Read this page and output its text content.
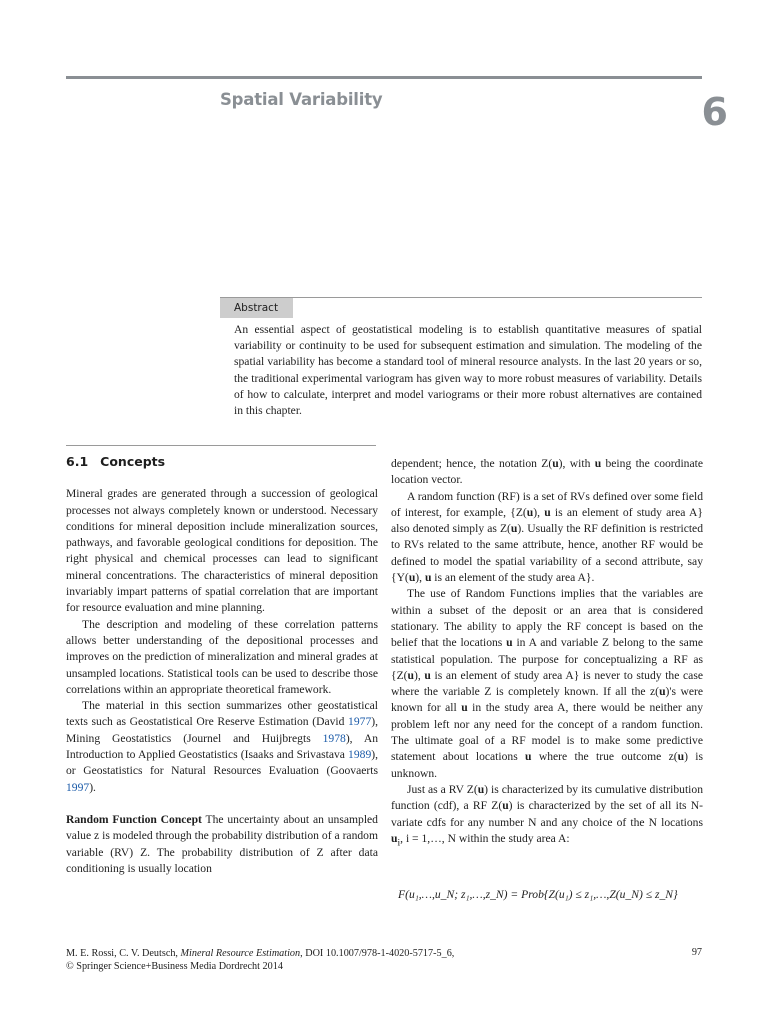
Spatial Variability	6
Abstract
An essential aspect of geostatistical modeling is to establish quantitative measures of spatial variability or continuity to be used for subsequent estimation and simulation. The modeling of the spatial variability has become a standard tool of mineral resource analysts. In the last 20 years or so, the traditional experimental variogram has given way to more robust measures of variability. Details of how to calculate, interpret and model variograms or their more robust alternatives are contained in this chapter.
6.1 Concepts

Mineral grades are generated through a succession of geological processes not always completely known or understood. Necessary conditions for mineral deposition include mineralization sources, pathways, and favorable geological conditions for deposition. The right physical and chemical processes can lead to significant mineral concentrations. The characteristics of mineral deposition invariably impart patterns of spatial correlation that are important for resource evaluation and mine planning.

The description and modeling of these correlation patterns allows better understanding of the depositional processes and improves on the prediction of mineralization and mineral grades at unsampled locations. Statistical tools can be used to describe those correlations within an appropriate theoretical framework.

The material in this section summarizes other geostatistical texts such as Geostatistical Ore Reserve Estimation (David 1977), Mining Geostatistics (Journel and Huijbregts 1978), An Introduction to Applied Geostatistics (Isaaks and Srivastava 1989), or Geostatistics for Natural Resources Evaluation (Goovaerts 1997).

Random Function Concept The uncertainty about an unsampled value z is modeled through the probability distribution of a random variable (RV) Z. The probability distribution of Z after data conditioning is usually location

dependent; hence, the notation Z(u), with u being the coordinate location vector.

A random function (RF) is a set of RVs defined over some field of interest, for example, {Z(u), u is an element of study area A} also denoted simply as Z(u). Usually the RF definition is restricted to RVs related to the same attribute, hence, another RF would be defined to model the spatial variability of a second attribute, say {Y(u), u is an element of the study area A}.

The use of Random Functions implies that the variables are within a subset of the deposit or an area that is considered stationary. The ability to apply the RF concept is based on the belief that the locations u in A and variable Z belong to the same statistical population. The purpose for conceptualizing a RF as {Z(u), u is an element of study area A} is never to study the case where the variable Z is completely known. If all the z(u)'s were known for all u in the study area A, there would be neither any problem left nor any need for the concept of a random function. The ultimate goal of a RF model is to make some predictive statement about locations u where the true outcome z(u) is unknown.

Just as a RV Z(u) is characterized by its cumulative distribution function (cdf), a RF Z(u) is characterized by the set of all its N-variate cdfs for any number N and any choice of the N locations $u_i$, i = 1,…, N within the study area A:

F(u₁,…,u_N; z₁,…,z_N) = Prob{Z(u₁) ≤ z₁,…,Z(u_N) ≤ z_N}
M. E. Rossi, C. V. Deutsch, Mineral Resource Estimation, DOI 10.1007/978-1-4020-5717-5_6,
© Springer Science+Business Media Dordrecht 2014
97
